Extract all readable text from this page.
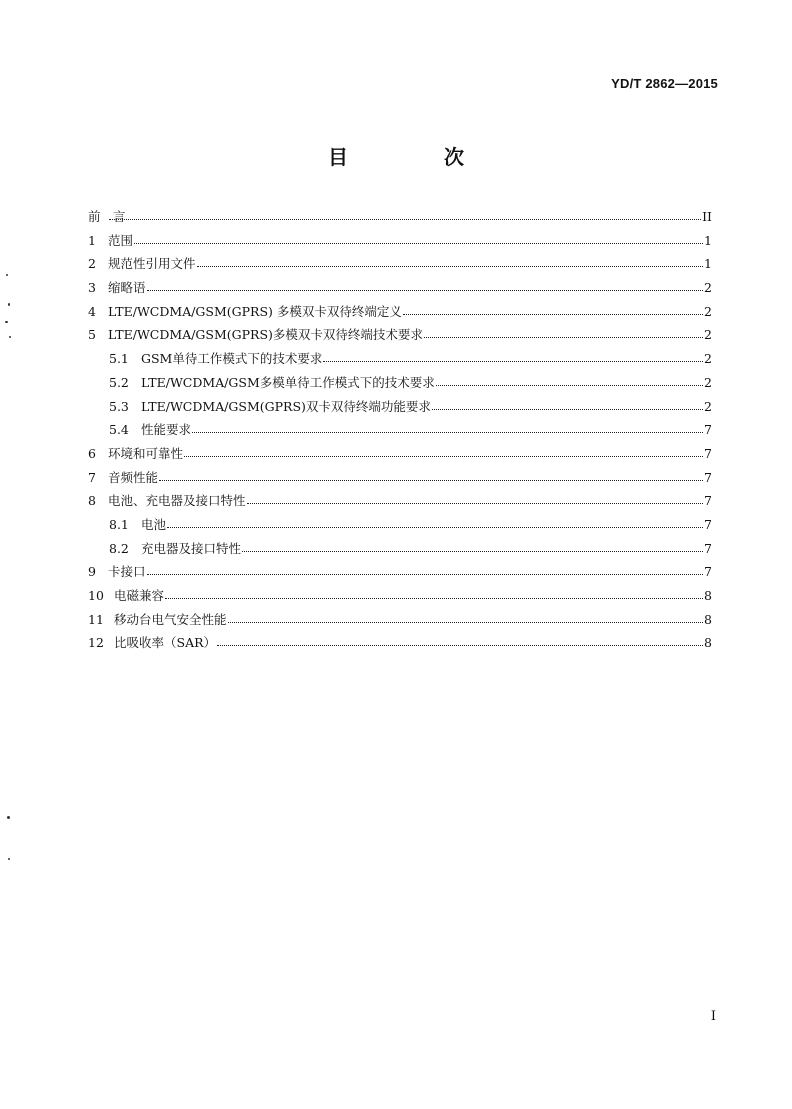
YD/T 2862—2015
目　次
前　言	II
1 范围	1
2 规范性引用文件	1
3 缩略语	2
4 LTE/WCDMA/GSM(GPRS) 多模双卡双待终端定义	2
5 LTE/WCDMA/GSM(GPRS)多模双卡双待终端技术要求	2
5.1 GSM单待工作模式下的技术要求	2
5.2 LTE/WCDMA/GSM多模单待工作模式下的技术要求	2
5.3 LTE/WCDMA/GSM(GPRS)双卡双待终端功能要求	2
5.4 性能要求	7
6 环境和可靠性	7
7 音频性能	7
8 电池、充电器及接口特性	7
8.1 电池	7
8.2 充电器及接口特性	7
9 卡接口	7
10 电磁兼容	8
11 移动台电气安全性能	8
12 比吸收率（SAR）	8
I
